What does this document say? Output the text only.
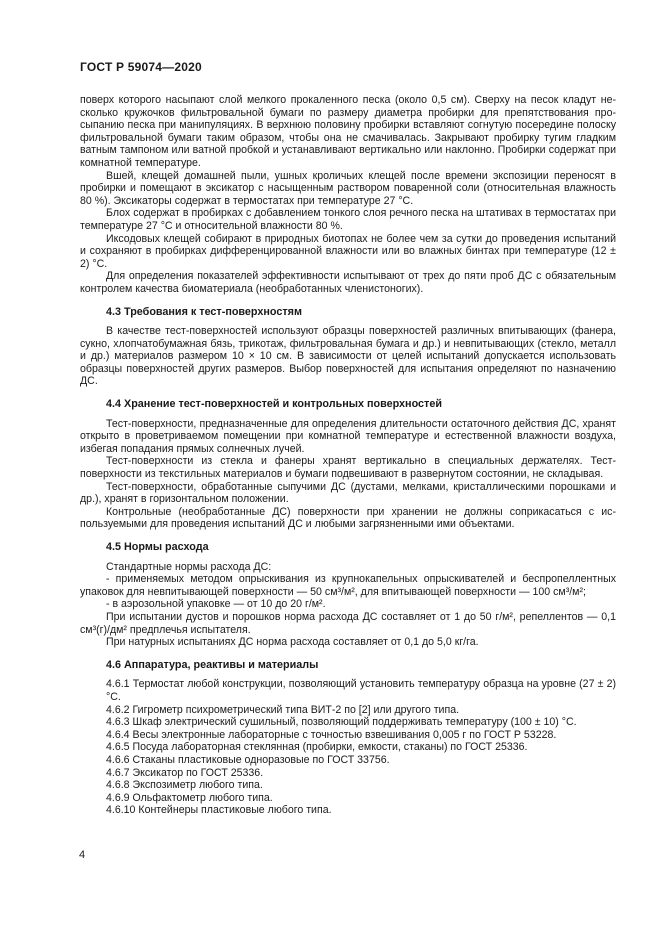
ГОСТ Р 59074—2020

поверх которого насыпают слой мелкого прокаленного песка (около 0,5 см). Сверху на песок кладут несколько кружочков фильтровальной бумаги по размеру диаметра пробирки для препятствования просыпанию песка при манипуляциях. В верхнюю половину пробирки вставляют согнутую посередине полоску фильтровальной бумаги таким образом, чтобы она не смачивалась. Закрывают пробирку тугим гладким ватным тампоном или ватной пробкой и устанавливают вертикально или наклонно. Пробирки содержат при комнатной температуре.

Вшей, клещей домашней пыли, ушных кроличьих клещей после времени экспозиции переносят в пробирки и помещают в эксикатор с насыщенным раствором поваренной соли (относительная влажность 80 %). Эксикаторы содержат в термостатах при температуре 27 °С.

Блох содержат в пробирках с добавлением тонкого слоя речного песка на штативах в термостатах при температуре 27 °С и относительной влажности 80 %.

Иксодовых клещей собирают в природных биотопах не более чем за сутки до проведения испытаний и сохраняют в пробирках дифференцированной влажности или во влажных бинтах при температуре (12 ± 2) °С.

Для определения показателей эффективности испытывают от трех до пяти проб ДС с обязательным контролем качества биоматериала (необработанных членистоногих).

4.3 Требования к тест-поверхностям

В качестве тест-поверхностей используют образцы поверхностей различных впитывающих (фанера, сукно, хлопчатобумажная бязь, трикотаж, фильтровальная бумага и др.) и невпитывающих (стекло, металл и др.) материалов размером 10 × 10 см. В зависимости от целей испытаний допускается использовать образцы поверхностей других размеров. Выбор поверхностей для испытания определяют по назначению ДС.

4.4 Хранение тест-поверхностей и контрольных поверхностей

Тест-поверхности, предназначенные для определения длительности остаточного действия ДС, хранят открыто в проветриваемом помещении при комнатной температуре и естественной влажности воздуха, избегая попадания прямых солнечных лучей.

Тест-поверхности из стекла и фанеры хранят вертикально в специальных держателях. Тест-поверхности из текстильных материалов и бумаги подвешивают в развернутом состоянии, не складывая.

Тест-поверхности, обработанные сыпучими ДС (дустами, мелками, кристаллическими порошками и др.), хранят в горизонтальном положении.

Контрольные (необработанные ДС) поверхности при хранении не должны соприкасаться с используемыми для проведения испытаний ДС и любыми загрязненными ими объектами.

4.5 Нормы расхода

Стандартные нормы расхода ДС:

- применяемых методом опрыскивания из крупнокапельных опрыскивателей и беспропеллентных упаковок для невпитывающей поверхности — 50 см³/м², для впитывающей поверхности — 100 см³/м²;

- в аэрозольной упаковке — от 10 до 20 г/м².

При испытании дустов и порошков норма расхода ДС составляет от 1 до 50 г/м², репеллентов — 0,1 см³(г)/дм² предплечья испытателя.

При натурных испытаниях ДС норма расхода составляет от 0,1 до 5,0 кг/га.

4.6 Аппаратура, реактивы и материалы

4.6.1 Термостат любой конструкции, позволяющий установить температуру образца на уровне (27 ± 2) °С.

4.6.2 Гигрометр психрометрический типа ВИТ-2 по [2] или другого типа.

4.6.3 Шкаф электрический сушильный, позволяющий поддерживать температуру (100 ± 10) °С.

4.6.4 Весы электронные лабораторные с точностью взвешивания 0,005 г по ГОСТ Р 53228.

4.6.5 Посуда лабораторная стеклянная (пробирки, емкости, стаканы) по ГОСТ 25336.

4.6.6 Стаканы пластиковые одноразовые по ГОСТ 33756.

4.6.7 Эксикатор по ГОСТ 25336.

4.6.8 Экспозиметр любого типа.

4.6.9 Ольфактометр любого типа.

4.6.10 Контейнеры пластиковые любого типа.

4
